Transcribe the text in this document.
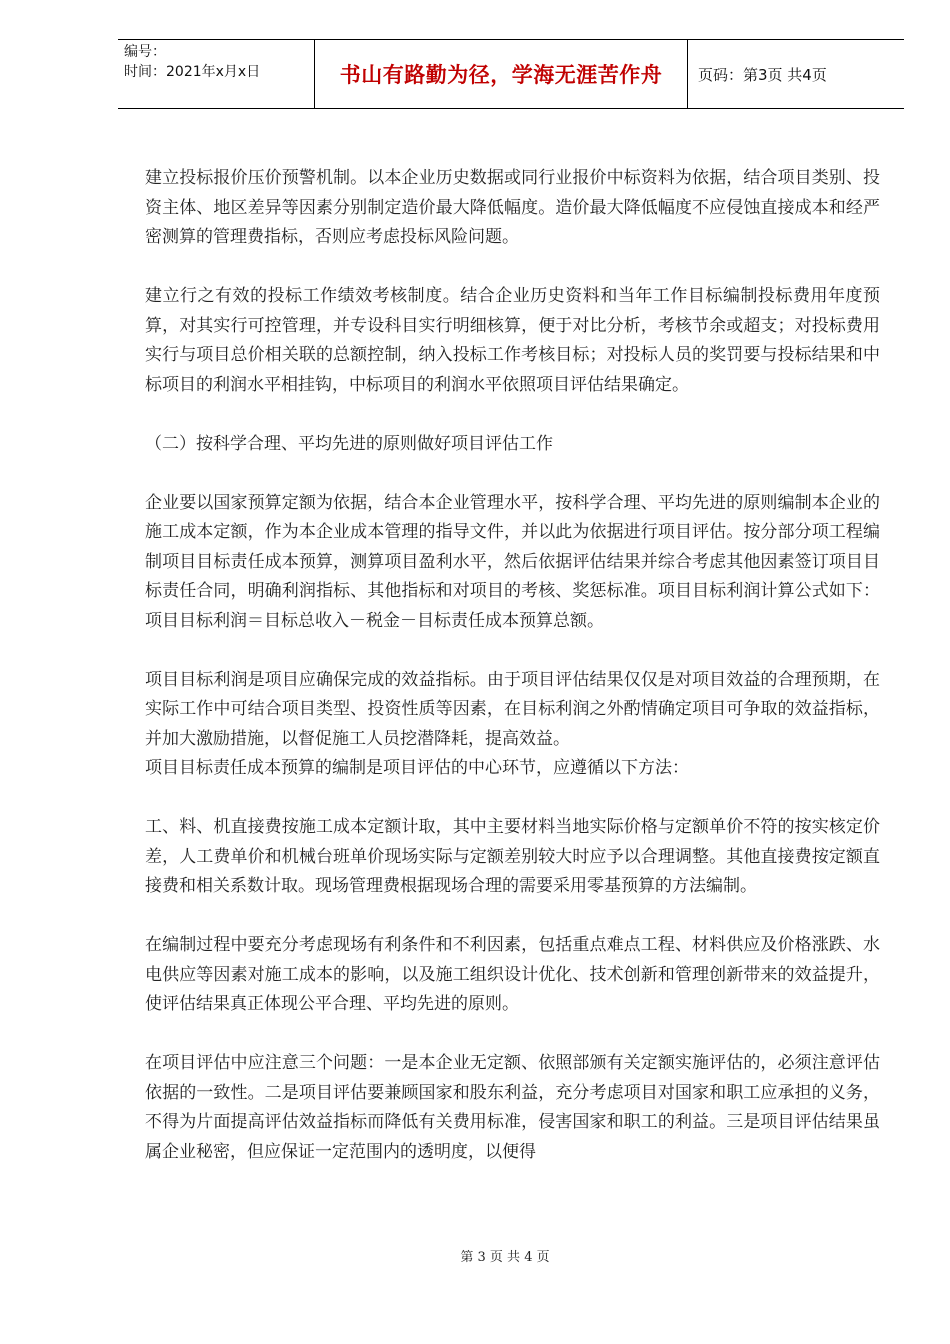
编号：
时间：2021年x月x日	书山有路勤为径，学海无涯苦作舟	页码：第3页 共4页

建立投标报价压价预警机制。以本企业历史数据或同行业报价中标资料为依据，结合项目类别、投资主体、地区差异等因素分别制定造价最大降低幅度。造价最大降低幅度不应侵蚀直接成本和经严密测算的管理费指标，否则应考虑投标风险问题。

建立行之有效的投标工作绩效考核制度。结合企业历史资料和当年工作目标编制投标费用年度预算，对其实行可控管理，并专设科目实行明细核算，便于对比分析，考核节余或超支；对投标费用实行与项目总价相关联的总额控制，纳入投标工作考核目标；对投标人员的奖罚要与投标结果和中标项目的利润水平相挂钩，中标项目的利润水平依照项目评估结果确定。

（二）按科学合理、平均先进的原则做好项目评估工作

企业要以国家预算定额为依据，结合本企业管理水平，按科学合理、平均先进的原则编制本企业的施工成本定额，作为本企业成本管理的指导文件，并以此为依据进行项目评估。按分部分项工程编制项目目标责任成本预算，测算项目盈利水平，然后依据评估结果并综合考虑其他因素签订项目目标责任合同，明确利润指标、其他指标和对项目的考核、奖惩标准。项目目标利润计算公式如下：项目目标利润＝目标总收入－税金－目标责任成本预算总额。

项目目标利润是项目应确保完成的效益指标。由于项目评估结果仅仅是对项目效益的合理预期，在实际工作中可结合项目类型、投资性质等因素，在目标利润之外酌情确定项目可争取的效益指标，并加大激励措施，以督促施工人员挖潜降耗，提高效益。

项目目标责任成本预算的编制是项目评估的中心环节，应遵循以下方法：

工、料、机直接费按施工成本定额计取，其中主要材料当地实际价格与定额单价不符的按实核定价差，人工费单价和机械台班单价现场实际与定额差别较大时应予以合理调整。其他直接费按定额直接费和相关系数计取。现场管理费根据现场合理的需要采用零基预算的方法编制。

在编制过程中要充分考虑现场有利条件和不利因素，包括重点难点工程、材料供应及价格涨跌、水电供应等因素对施工成本的影响，以及施工组织设计优化、技术创新和管理创新带来的效益提升，使评估结果真正体现公平合理、平均先进的原则。

在项目评估中应注意三个问题：一是本企业无定额、依照部颁有关定额实施评估的，必须注意评估依据的一致性。二是项目评估要兼顾国家和股东利益，充分考虑项目对国家和职工应承担的义务，不得为片面提高评估效益指标而降低有关费用标准，侵害国家和职工的利益。三是项目评估结果虽属企业秘密，但应保证一定范围内的透明度，以便得

第 3 页 共 4 页
